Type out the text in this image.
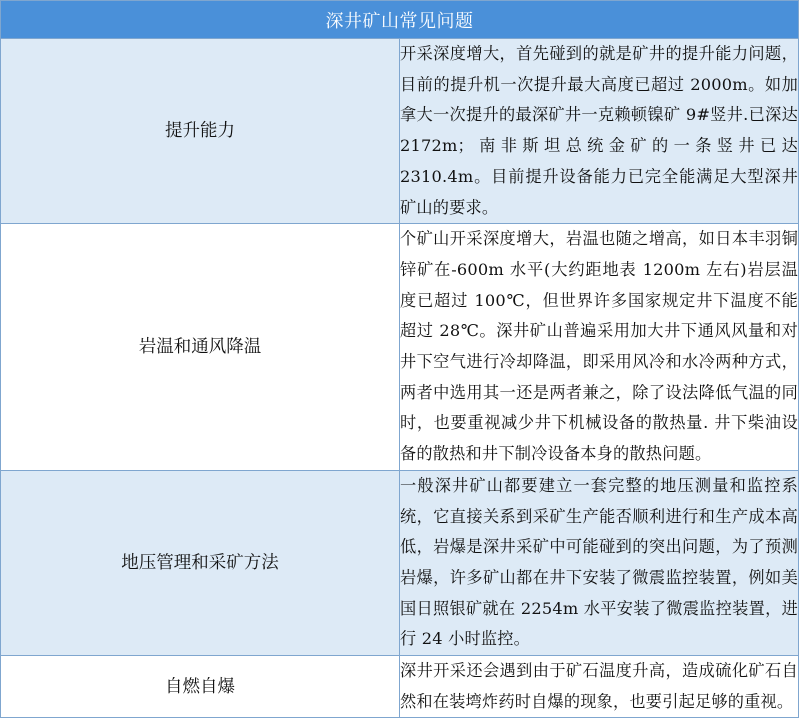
深井矿山常见问题	
提升能力	开采深度增大，首先碰到的就是矿井的提升能力问题，目前的提升机一次提升最大高度已超过 2000m。如加拿大一次提升的最深矿井一克赖顿镍矿 9#竖井.已深达 2172m；南非斯坦总统金矿的一条竖井已达 2310.4m。目前提升设备能力已完全能满足大型深井矿山的要求。
岩温和通风降温	个矿山开采深度增大，岩温也随之增高，如日本丰羽铜锌矿在-600m 水平(大约距地表 1200m 左右)岩层温度已超过 100℃，但世界许多国家规定井下温度不能超过 28℃。深井矿山普遍采用加大井下通风风量和对井下空气进行冷却降温，即采用风冷和水冷两种方式，两者中选用其一还是两者兼之，除了设法降低气温的同时，也要重视减少井下机械设备的散热量. 井下柴油设备的散热和井下制冷设备本身的散热问题。
地压管理和采矿方法	一般深井矿山都要建立一套完整的地压测量和监控系统，它直接关系到采矿生产能否顺利进行和生产成本高低，岩爆是深井采矿中可能碰到的突出问题，为了预测岩爆，许多矿山都在井下安装了微震监控装置，例如美国日照银矿就在 2254m 水平安装了微震监控装置，进行 24 小时监控。
自燃自爆	深井开采还会遇到由于矿石温度升高，造成硫化矿石自然和在装塆炸药时自爆的现象，也要引起足够的重视。
